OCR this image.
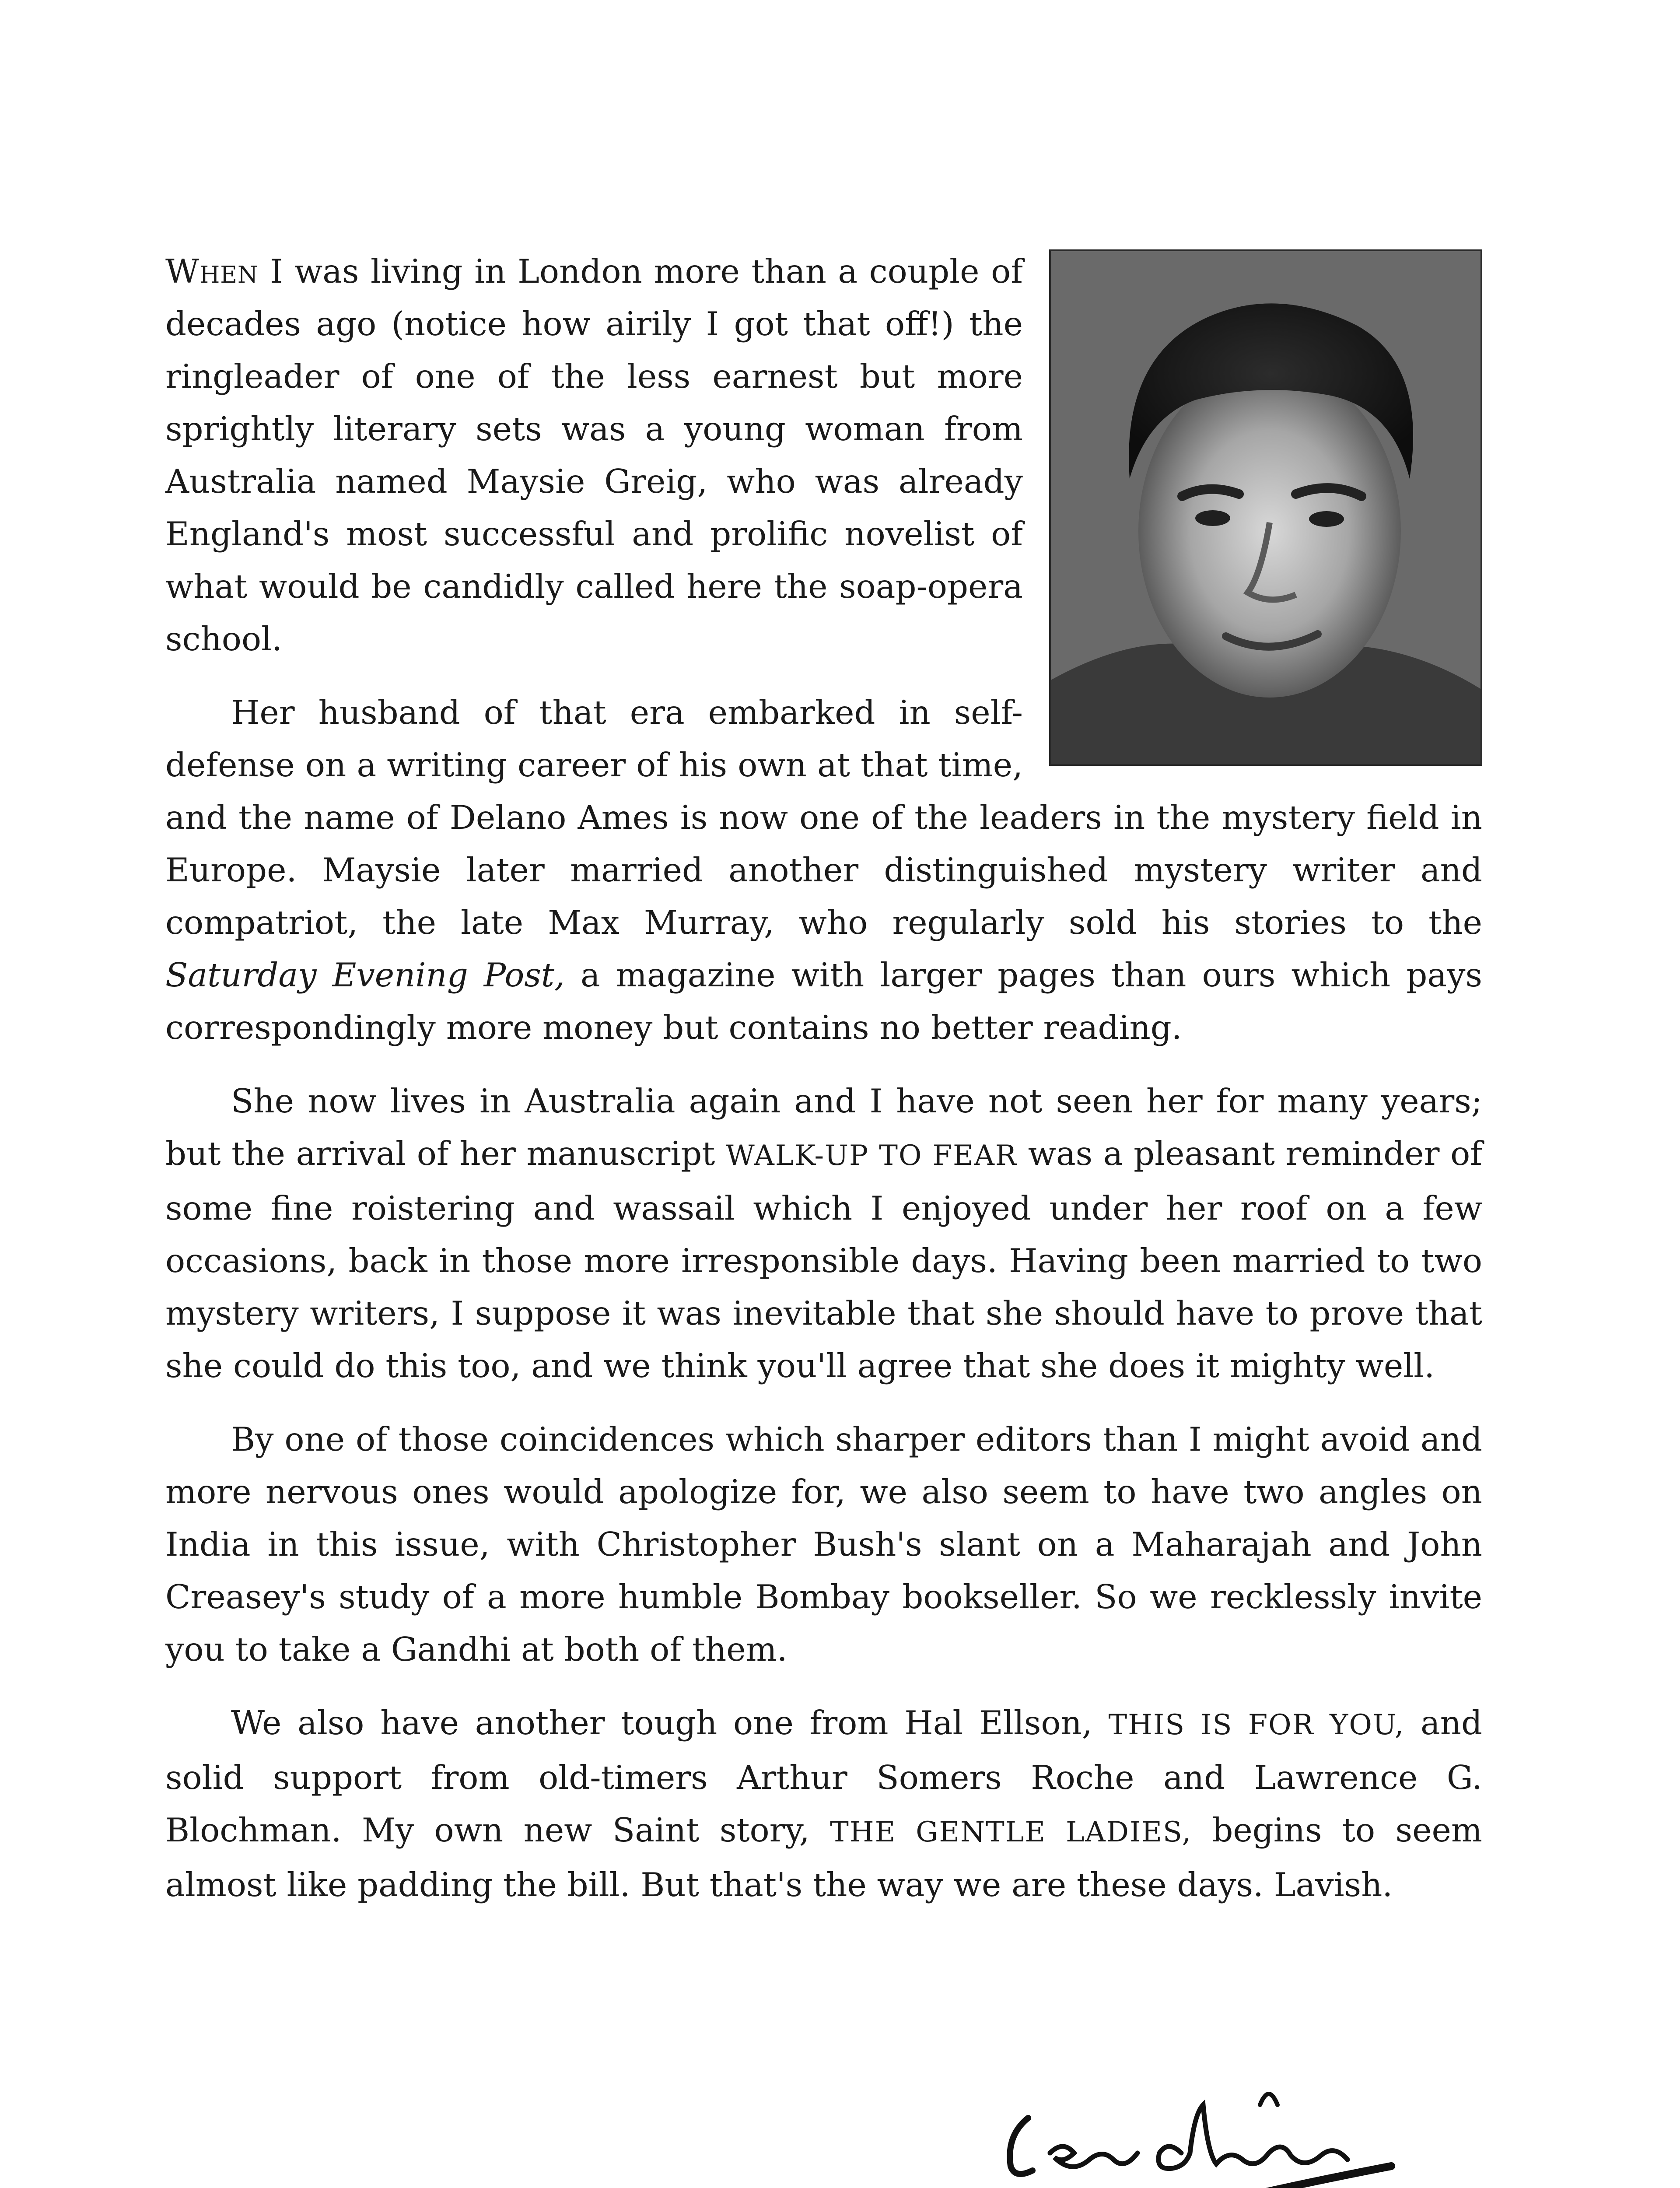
When I was living in London more than a couple of decades ago (notice how airily I got that off!) the ringleader of one of the less earnest but more sprightly literary sets was a young woman from Australia named Maysie Greig, who was already England's most successful and prolific novelist of what would be candidly called here the soap-opera school.

Her husband of that era embarked in self-defense on a writing career of his own at that time, and the name of Delano Ames is now one of the leaders in the mystery field in Europe. Maysie later married another distinguished mystery writer and compatriot, the late Max Murray, who regularly sold his stories to the Saturday Evening Post, a magazine with larger pages than ours which pays correspondingly more money but contains no better reading.

She now lives in Australia again and I have not seen her for many years; but the arrival of her manuscript WALK-UP TO FEAR was a pleasant reminder of some fine roistering and wassail which I enjoyed under her roof on a few occasions, back in those more irresponsible days. Having been married to two mystery writers, I suppose it was inevitable that she should have to prove that she could do this too, and we think you'll agree that she does it mighty well.

By one of those coincidences which sharper editors than I might avoid and more nervous ones would apologize for, we also seem to have two angles on India in this issue, with Christopher Bush's slant on a Maharajah and John Creasey's study of a more humble Bombay bookseller. So we recklessly invite you to take a Gandhi at both of them.

We also have another tough one from Hal Ellson, THIS IS FOR YOU, and solid support from old-timers Arthur Somers Roche and Lawrence G. Blochman. My own new Saint story, THE GENTLE LADIES, begins to seem almost like padding the bill. But that's the way we are these days. Lavish.
